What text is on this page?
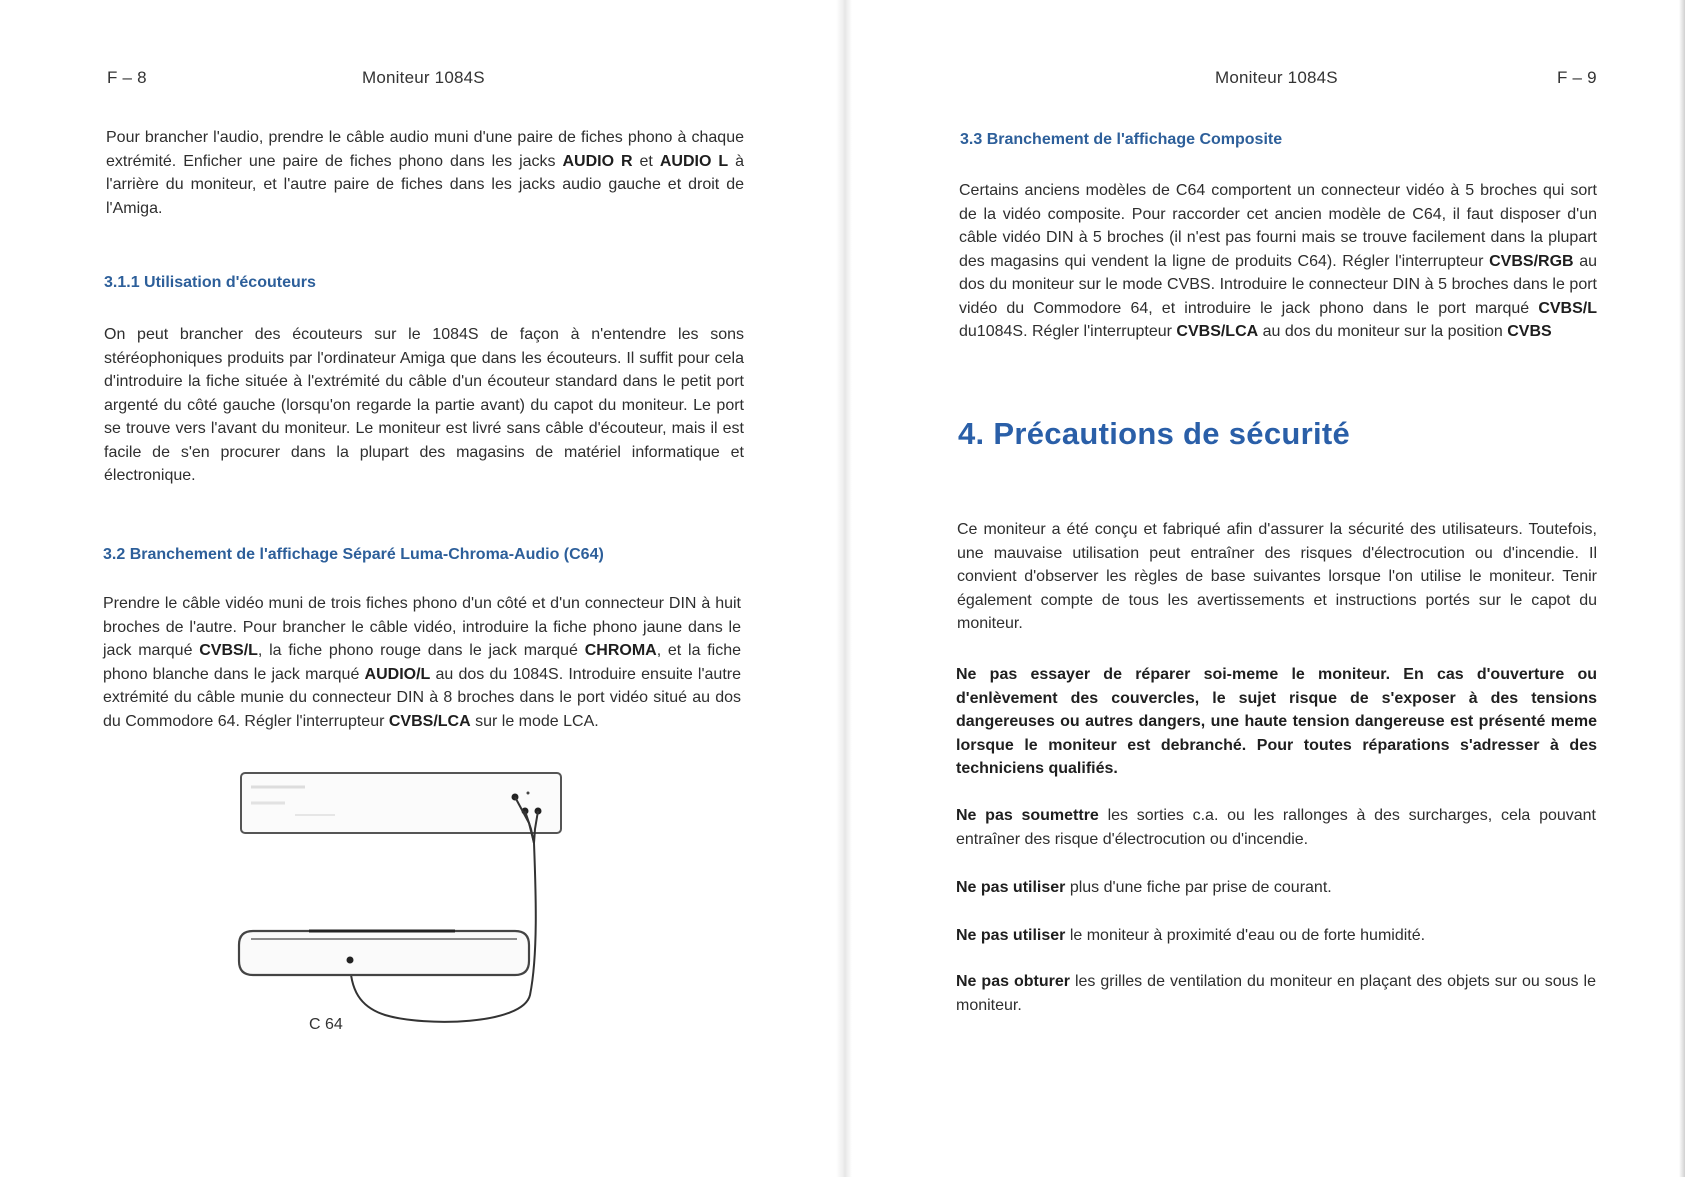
F – 8	Moniteur 1084S

Pour brancher l'audio, prendre le câble audio muni d'une paire de fiches phono à chaque extrémité. Enficher une paire de fiches phono dans les jacks AUDIO R et AUDIO L à l'arrière du moniteur, et l'autre paire de fiches dans les jacks audio gauche et droit de l'Amiga.

3.1.1 Utilisation d'écouteurs

On peut brancher des écouteurs sur le 1084S de façon à n'entendre les sons stéréophoniques produits par l'ordinateur Amiga que dans les écouteurs. Il suffit pour cela d'introduire la fiche située à l'extrémité du câble d'un écouteur standard dans le petit port argenté du côté gauche (lorsqu'on regarde la partie avant) du capot du moniteur. Le port se trouve vers l'avant du moniteur. Le moniteur est livré sans câble d'écouteur, mais il est facile de s'en procurer dans la plupart des magasins de matériel informatique et électronique.

3.2 Branchement de l'affichage Séparé Luma-Chroma-Audio (C64)

Prendre le câble vidéo muni de trois fiches phono d'un côté et d'un connecteur DIN à huit broches de l'autre. Pour brancher le câble vidéo, introduire la fiche phono jaune dans le jack marqué CVBS/L, la fiche phono rouge dans le jack marqué CHROMA, et la fiche phono blanche dans le jack marqué AUDIO/L au dos du 1084S. Introduire ensuite l'autre extrémité du câble munie du connecteur DIN à 8 broches dans le port vidéo situé au dos du Commodore 64. Régler l'interrupteur CVBS/LCA sur le mode LCA.

C 64
Moniteur 1084S	F – 9
3.3 Branchement de l'affichage Composite

Certains anciens modèles de C64 comportent un connecteur vidéo à 5 broches qui sort de la vidéo composite. Pour raccorder cet ancien modèle de C64, il faut disposer d'un câble vidéo DIN à 5 broches (il n'est pas fourni mais se trouve facilement dans la plupart des magasins qui vendent la ligne de produits C64). Régler l'interrupteur CVBS/RGB au dos du moniteur sur le mode CVBS. Introduire le connecteur DIN à 5 broches dans le port vidéo du Commodore 64, et introduire le jack phono dans le port marqué CVBS/L du1084S. Régler l'interrupteur CVBS/LCA au dos du moniteur sur la position CVBS

4. Précautions de sécurité

Ce moniteur a été conçu et fabriqué afin d'assurer la sécurité des utilisateurs. Toutefois, une mauvaise utilisation peut entraîner des risques d'électrocution ou d'incendie. Il convient d'observer les règles de base suivantes lorsque l'on utilise le moniteur. Tenir également compte de tous les avertissements et instructions portés sur le capot du moniteur.

Ne pas essayer de réparer soi-meme le moniteur. En cas d'ouverture ou d'enlèvement des couvercles, le sujet risque de s'exposer à des tensions dangereuses ou autres dangers, une haute tension dangereuse est présenté meme lorsque le moniteur est debranché. Pour toutes réparations s'adresser à des techniciens qualifiés.

Ne pas soumettre les sorties c.a. ou les rallonges à des surcharges, cela pouvant entraîner des risque d'électrocution ou d'incendie.

Ne pas utiliser plus d'une fiche par prise de courant.

Ne pas utiliser le moniteur à proximité d'eau ou de forte humidité.

Ne pas obturer les grilles de ventilation du moniteur en plaçant des objets sur ou sous le moniteur.
